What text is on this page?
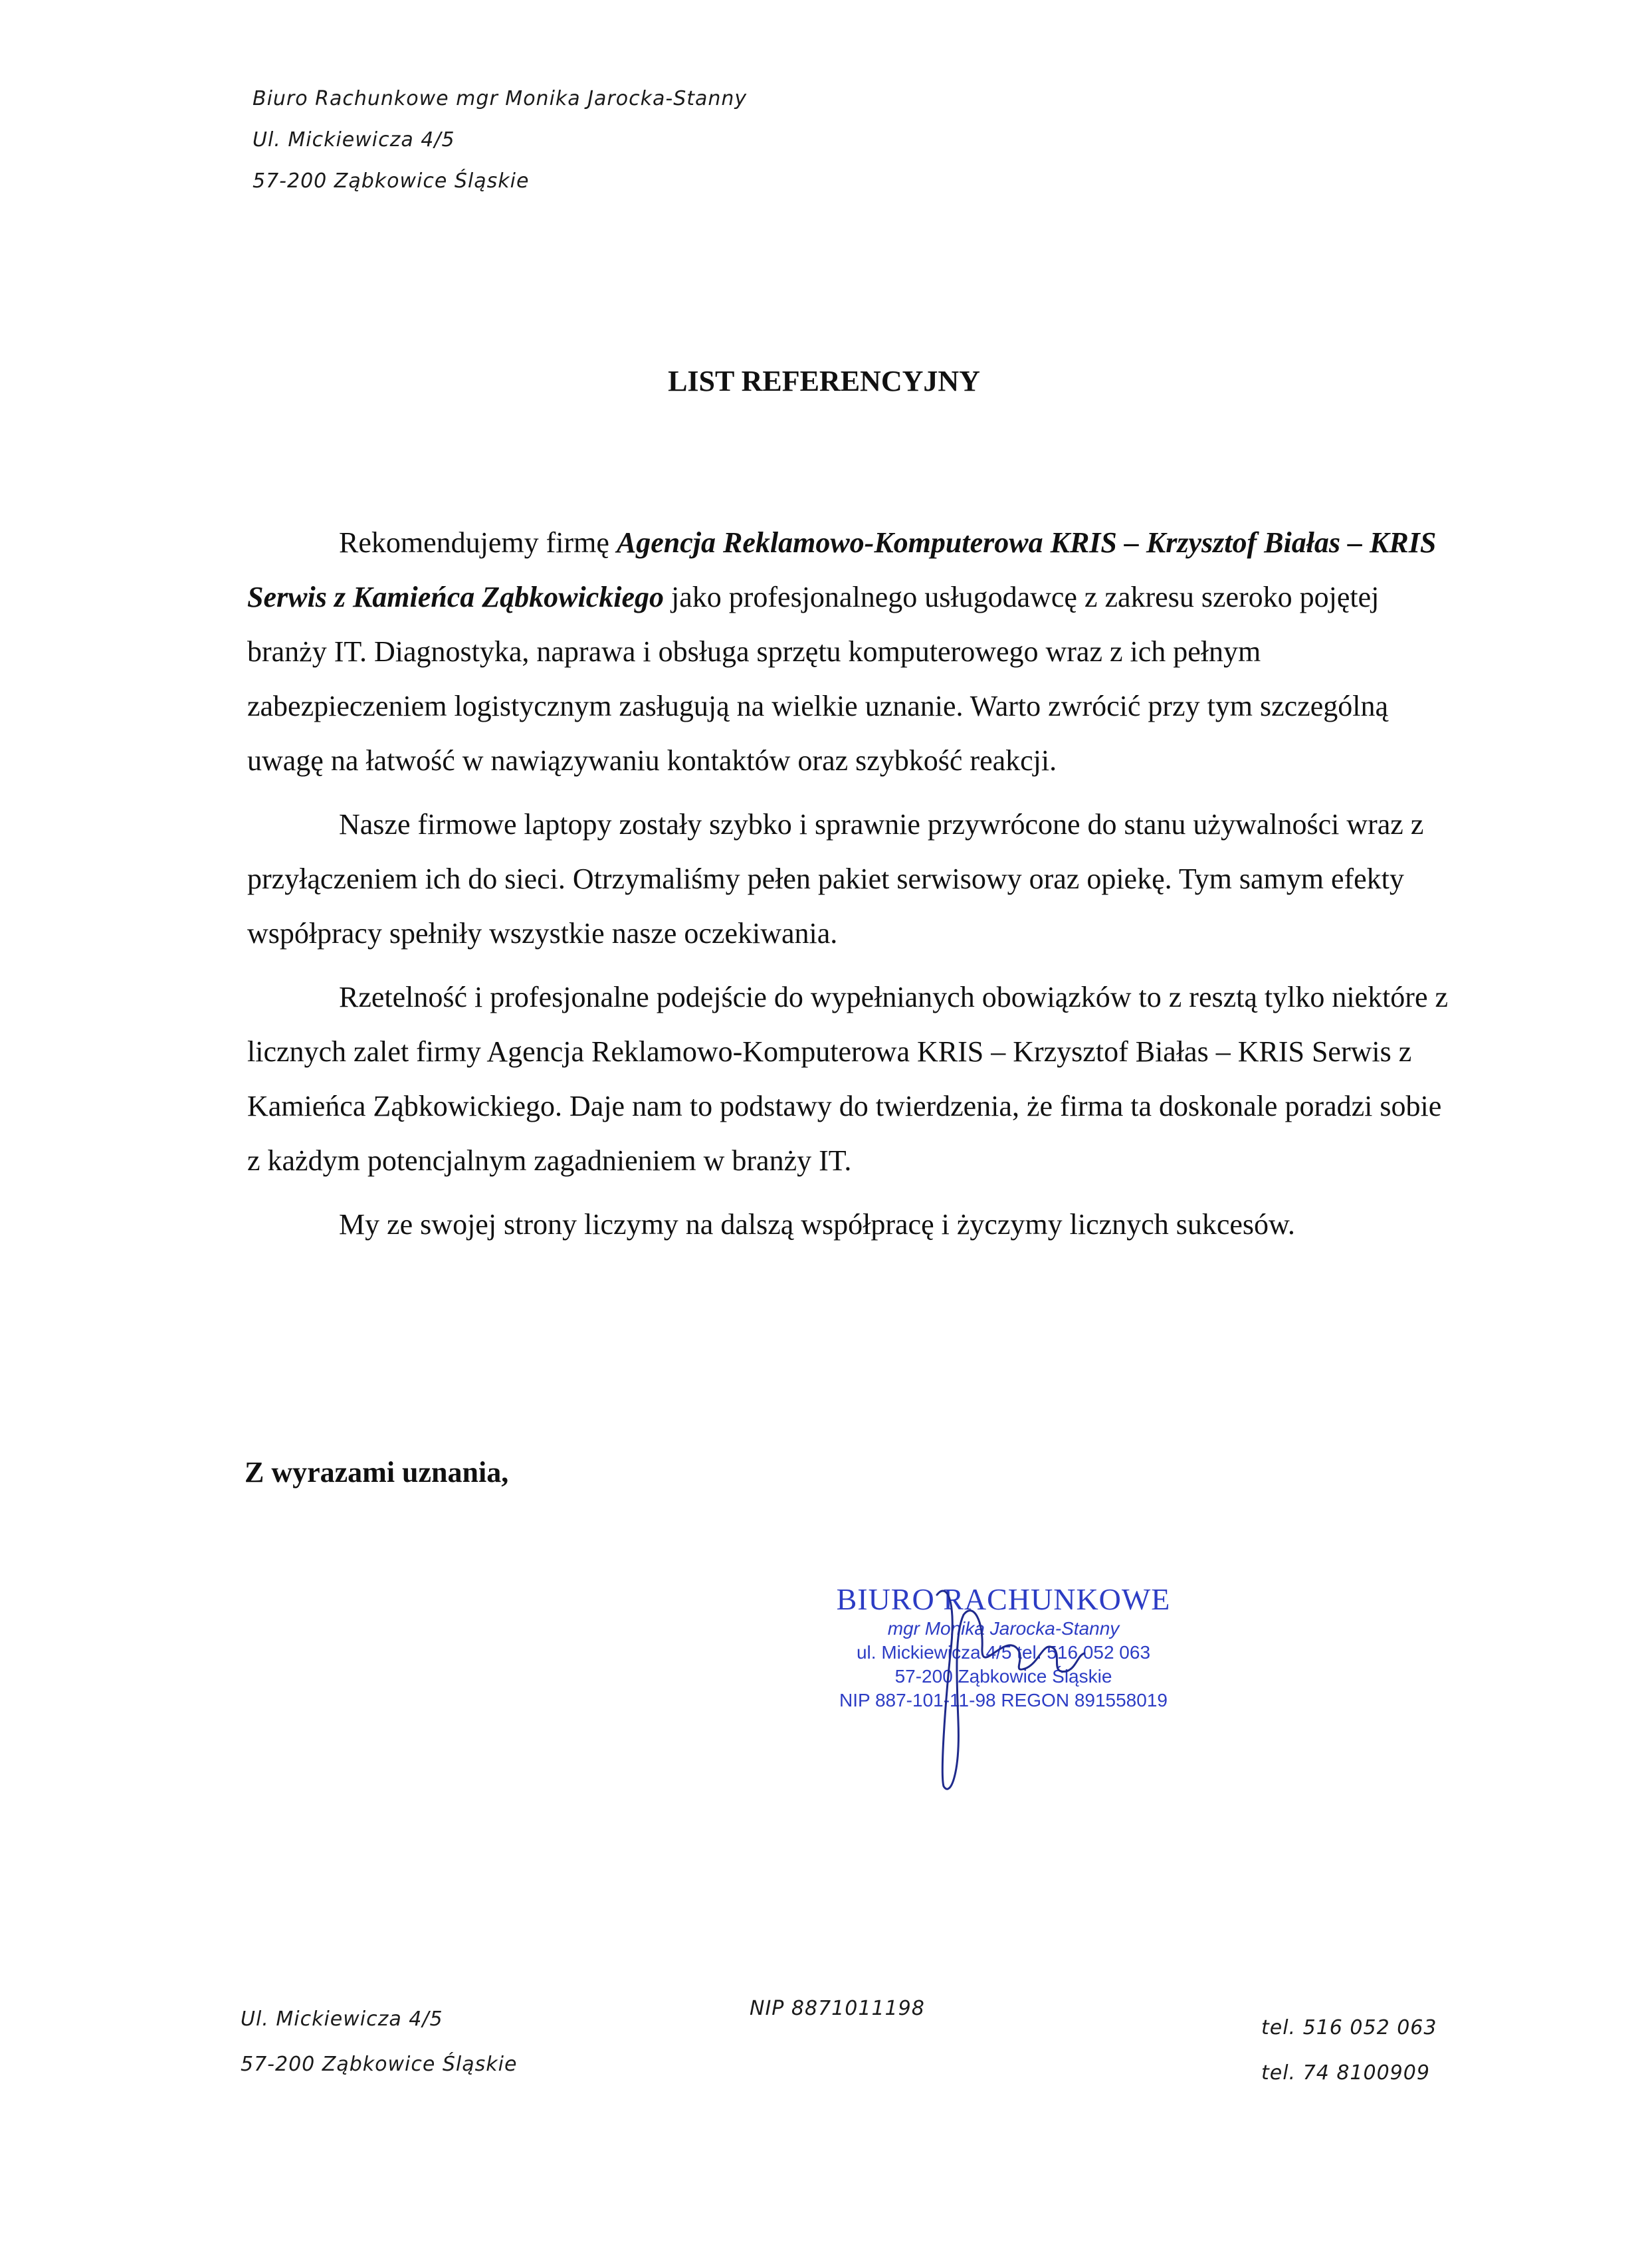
Biuro Rachunkowe mgr Monika Jarocka-Stanny
Ul. Mickiewicza 4/5
57-200 Ząbkowice Śląskie
LIST REFERENCYJNY

Rekomendujemy firmę Agencja Reklamowo-Komputerowa KRIS – Krzysztof Białas – KRIS Serwis z Kamieńca Ząbkowickiego jako profesjonalnego usługodawcę z zakresu szeroko pojętej branży IT. Diagnostyka, naprawa i obsługa sprzętu komputerowego wraz z ich pełnym zabezpieczeniem logistycznym zasługują na wielkie uznanie. Warto zwrócić przy tym szczególną uwagę na łatwość w nawiązywaniu kontaktów oraz szybkość reakcji.

Nasze firmowe laptopy zostały szybko i sprawnie przywrócone do stanu używalności wraz z przyłączeniem ich do sieci. Otrzymaliśmy pełen pakiet serwisowy oraz opiekę. Tym samym efekty współpracy spełniły wszystkie nasze oczekiwania.

Rzetelność i profesjonalne podejście do wypełnianych obowiązków to z resztą tylko niektóre z licznych zalet firmy Agencja Reklamowo-Komputerowa KRIS – Krzysztof Białas – KRIS Serwis z Kamieńca Ząbkowickiego. Daje nam to podstawy do twierdzenia, że firma ta doskonale poradzi sobie z każdym potencjalnym zagadnieniem w branży IT.

My ze swojej strony liczymy na dalszą współpracę i życzymy licznych sukcesów.

Z wyrazami uznania,
BIURO RACHUNKOWE
mgr Monika Jarocka-Stanny
ul. Mickiewicza 4/5 tel. 516 052 063
57-200 Ząbkowice Śląskie
NIP 887-101-11-98 REGON 891558019
Ul. Mickiewicza 4/5
57-200 Ząbkowice Śląskie
NIP 8871011198
tel. 516 052 063
tel. 74 8100909
